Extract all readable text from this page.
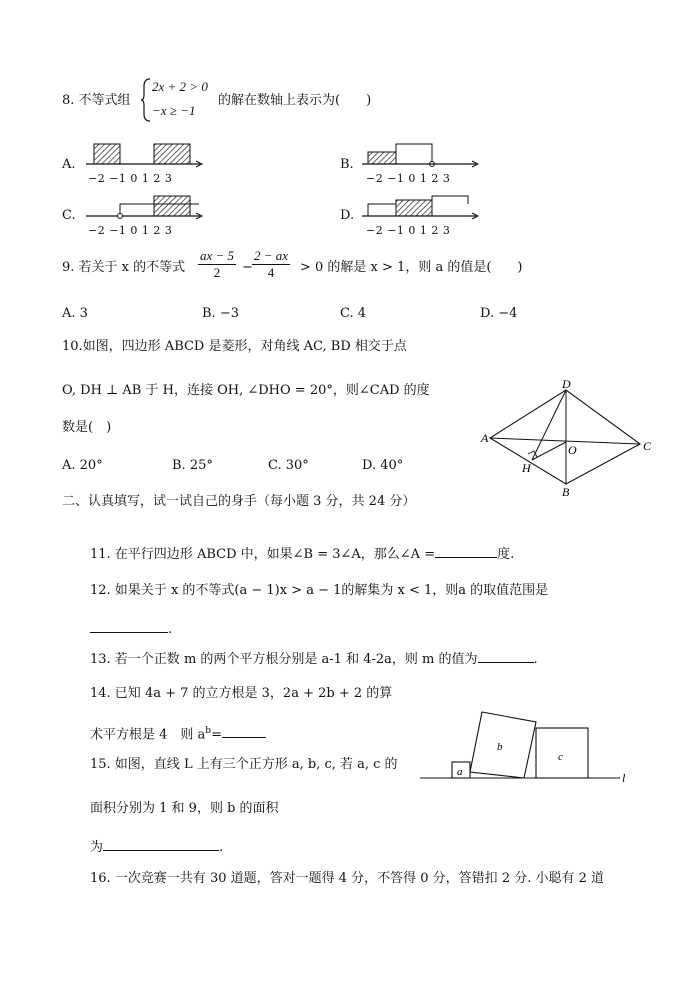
8. 不等式组
2x + 2 > 0
−x ≥ −1
的解在数轴上表示为(　　)
A.
−2 −1 0 1 2 3
B.
−2 −1 0 1 2 3
C.
−2 −1 0 1 2 3
D.
−2 −1 0 1 2 3
9. 若关于 x 的不等式 $\frac{ax - 5}{2} - \frac{2 - ax}{4} > 0$ 的解是 x > 1，则 a 的值是(　　)
A. 3	B. −3	C. 4	D. −4
10.如图，四边形 ABCD 是菱形，对角线 AC, BD 相交于点
O, DH ⊥ AB 于 H，连接 OH, ∠DHO = 20°，则∠CAD 的度
数是(　)
A. 20°	B. 25°	C. 30°	D. 40°
A
D
C
B
H
O
二、认真填写，试一试自己的身手（每小题 3 分，共 24 分）
11. 在平行四边形 ABCD 中，如果∠B = 3∠A，那么∠A =	度.
12. 如果关于 x 的不等式(a − 1)x > a − 1的解集为 x < 1，则a 的取值范围是
.
13. 若一个正数 m 的两个平方根分别是 a-1 和 4-2a，则 m 的值为	.
14. 已知 4a + 7 的立方根是 3，2a + 2b + 2 的算
术平方根是 4　则 $a^b=$
15. 如图，直线 L 上有三个正方形 a, b, c, 若 a, c 的
面积分别为 1 和 9，则 b 的面积
为	.
a
b
c
l
16. 一次竞赛一共有 30 道题，答对一题得 4 分，不答得 0 分，答错扣 2 分. 小聪有 2 道
